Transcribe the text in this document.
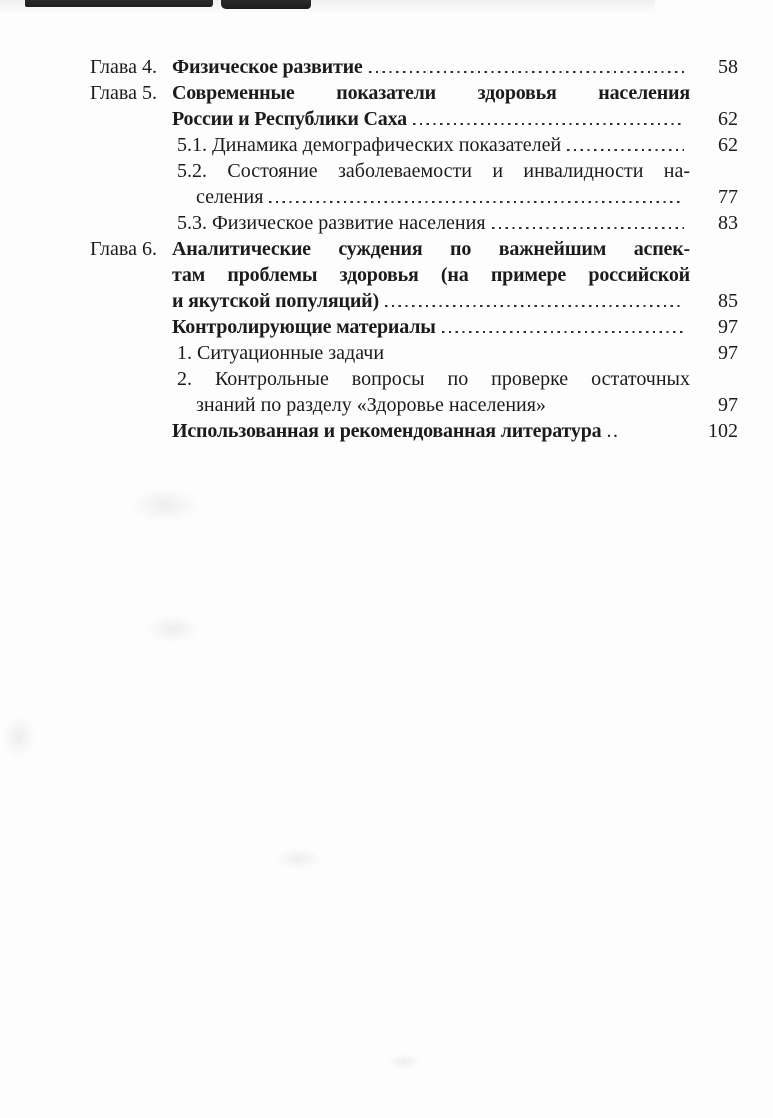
Глава 4. Физическое развитие	58
Глава 5. Современные показатели здоровья населения
России и Республики Саха	62
5.1. Динамика демографических показателей	62
5.2. Состояние заболеваемости и инвалидности на-
селения	77
5.3. Физическое развитие населения	83
Глава 6. Аналитические суждения по важнейшим аспек-
там проблемы здоровья (на примере российской
и якутской популяций)	85
Контролирующие материалы	97
1. Ситуационные задачи	97
2. Контрольные вопросы по проверке остаточных
знаний по разделу «Здоровье населения»	97
Использованная и рекомендованная литература ..	102
